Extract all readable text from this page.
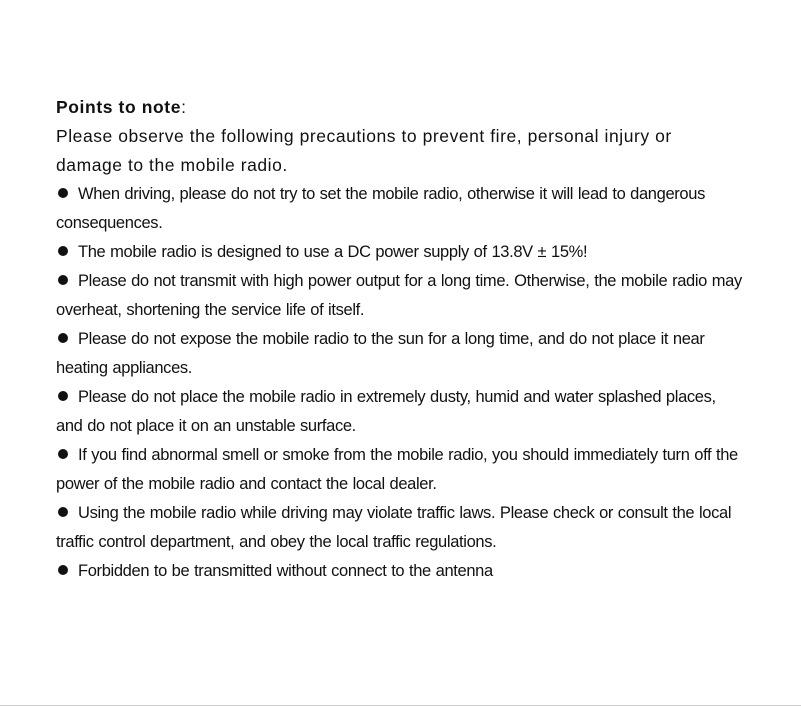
Points to note:

Please observe the following precautions to prevent fire, personal injury or damage to the mobile radio.

When driving, please do not try to set the mobile radio, otherwise it will lead to dangerous consequences.
The mobile radio is designed to use a DC power supply of 13.8V ± 15%!
Please do not transmit with high power output for a long time. Otherwise, the mobile radio may overheat, shortening the service life of itself.
Please do not expose the mobile radio to the sun for a long time, and do not place it near heating appliances.
Please do not place the mobile radio in extremely dusty, humid and water splashed places, and do not place it on an unstable surface.
If you find abnormal smell or smoke from the mobile radio, you should immediately turn off the power of the mobile radio and contact the local dealer.
Using the mobile radio while driving may violate traffic laws. Please check or consult the local traffic control department, and obey the local traffic regulations.
Forbidden to be transmitted without connect to the antenna
